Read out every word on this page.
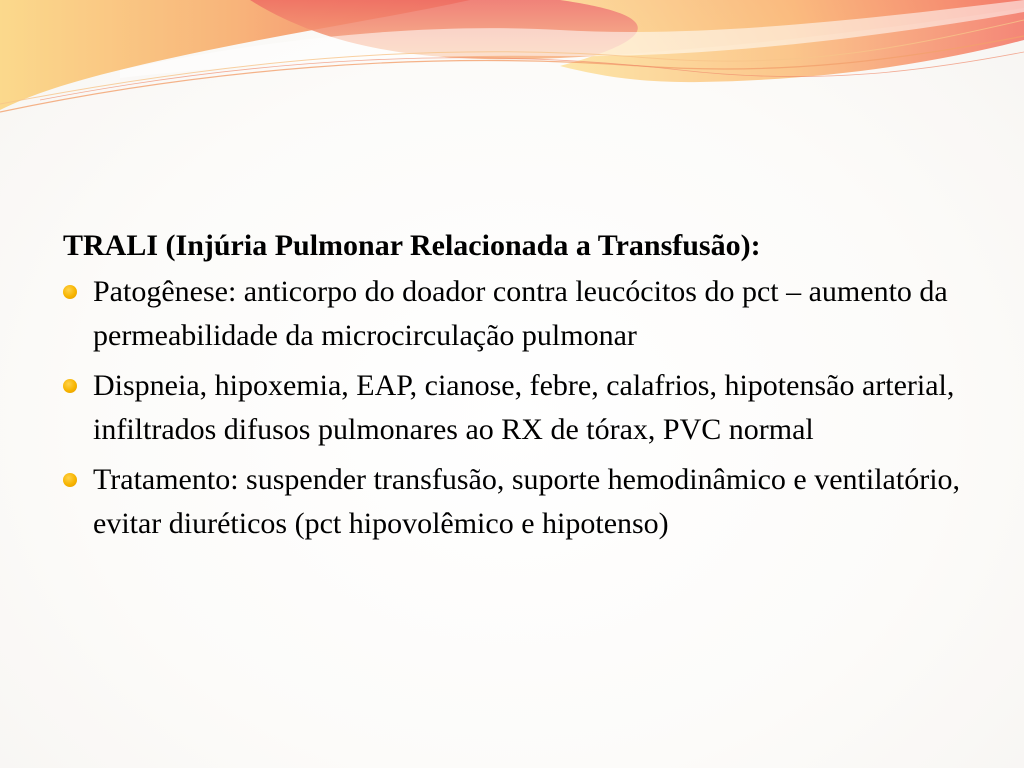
TRALI (Injúria Pulmonar Relacionada a Transfusão):

Patogênese: anticorpo do doador contra leucócitos do pct – aumento da permeabilidade da microcirculação pulmonar
Dispneia, hipoxemia, EAP, cianose, febre, calafrios, hipotensão arterial, infiltrados difusos pulmonares ao RX de tórax, PVC normal
Tratamento: suspender transfusão, suporte hemodinâmico e ventilatório, evitar diuréticos (pct hipovolêmico e hipotenso)
